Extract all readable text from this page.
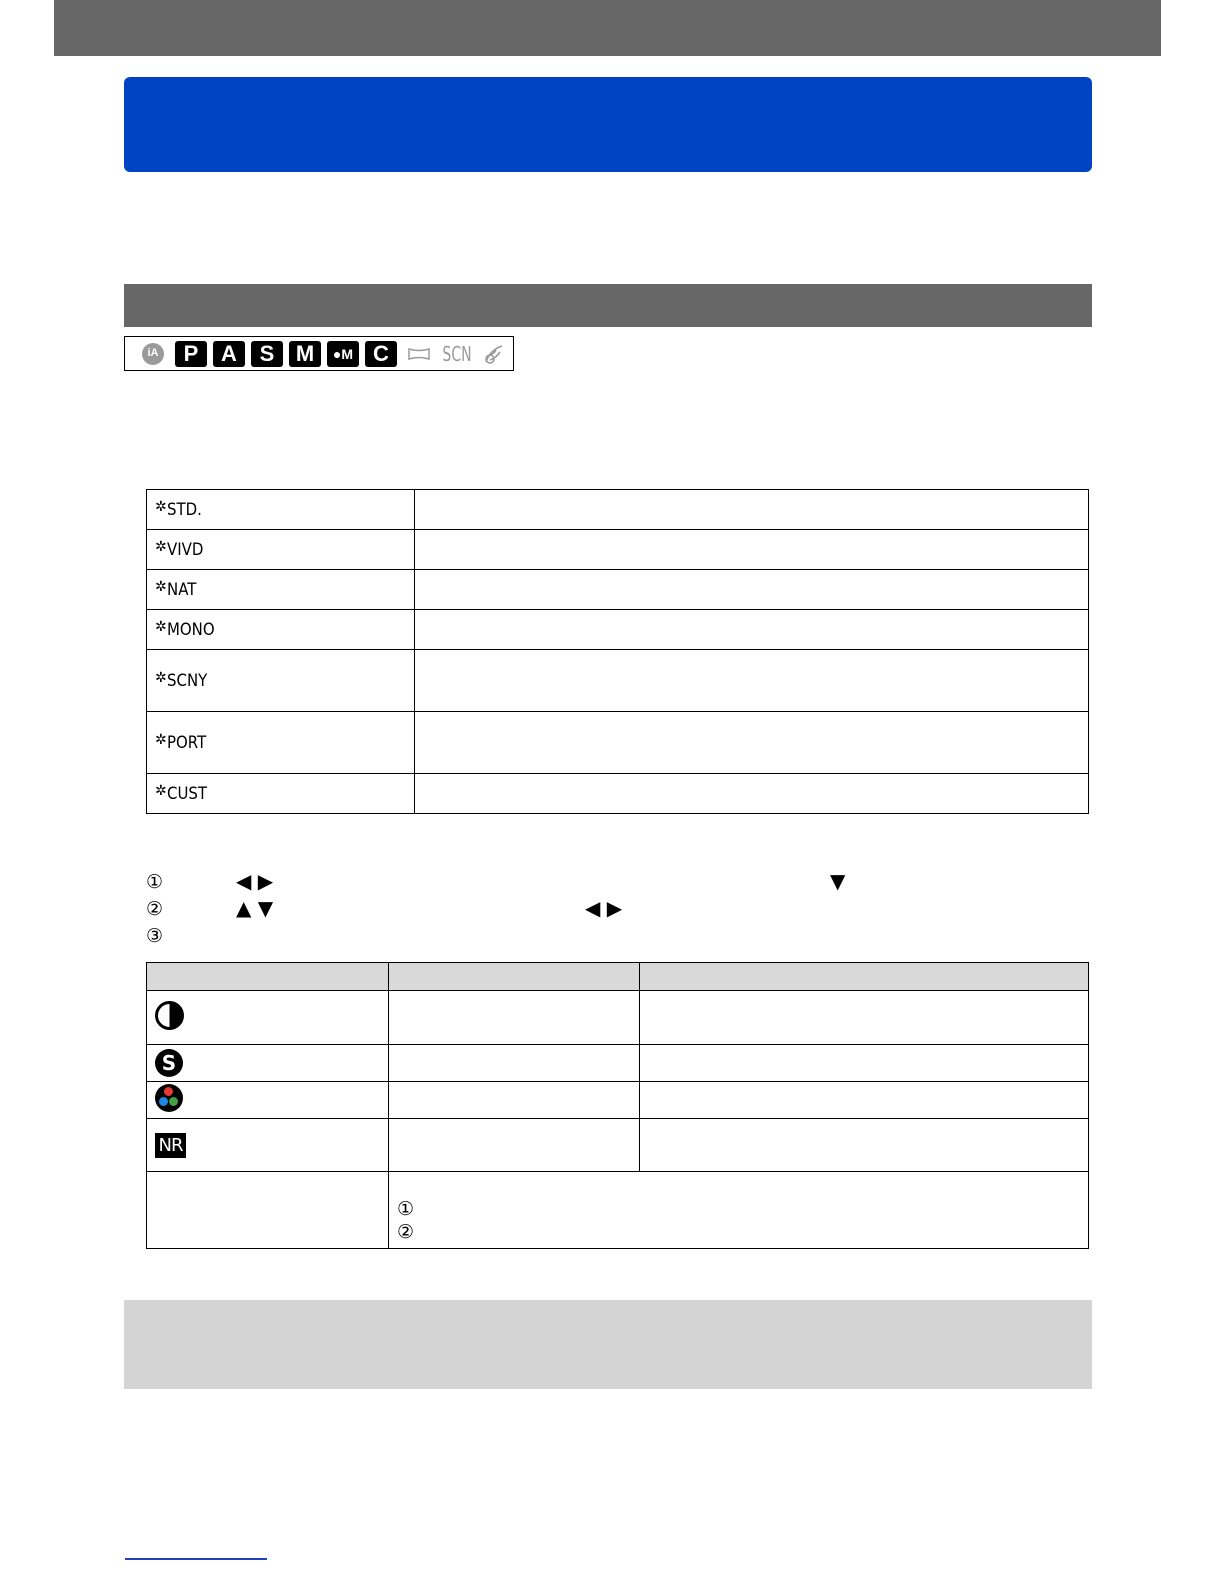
iA	P	A	S M	● M C	SCN
✲ STD.	
✲ VIVD	
✲ NAT	
✲ MONO	
✲ SCNY	
✲ PORT	
✲ CUST	
①	◀ ▶	▼
②	▲ ▼	◀ ▶
③

S		

NR		

	①
②	
